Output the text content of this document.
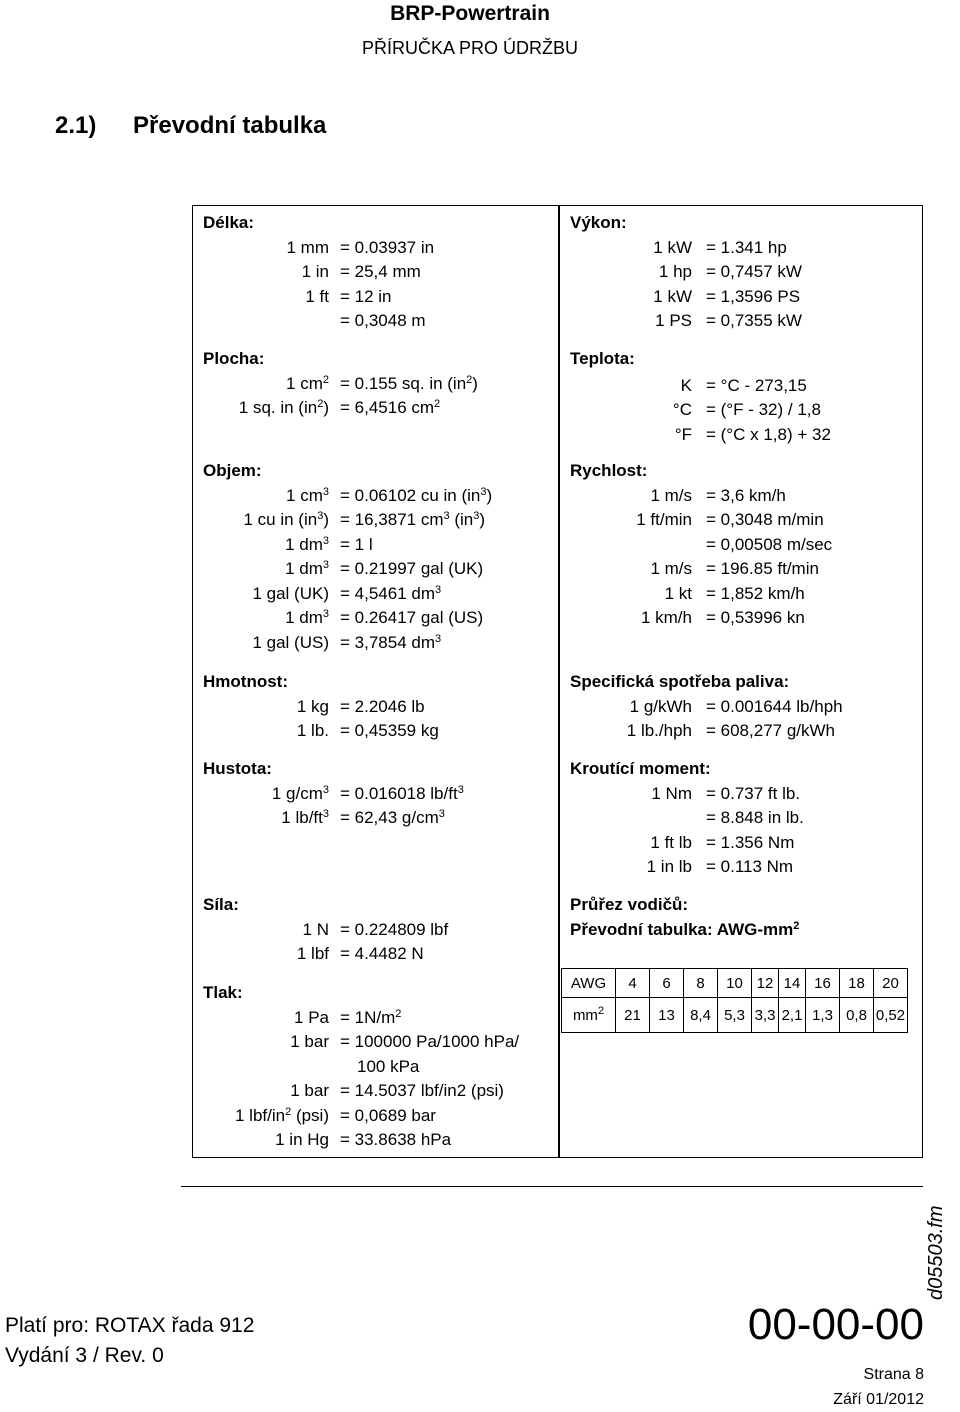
BRP-Powertrain
PŘÍRUČKA PRO ÚDRŽBU
2.1) Převodní tabulka
Délka:
1 mm = 0.03937 in
1 in = 25,4 mm
1 ft = 12 in
= 0,3048 m
Plocha:
1 $cm^2 = 0.155$ sq. in $(in^2)$
1 sq. in $(in^2) = 6,4516$ $cm^2$
Objem:
1 $cm^3 = 0.06102$ cu in $(in^3)$
1 cu in $(in^3) = 16,3871$ $cm^3$ $(in^3)$
1 $dm^3 = 1$ l
1 $dm^3 = 0.21997$ gal (UK)
1 gal (UK) = 4,5461 $dm^3$
1 $dm^3 = 0.26417$ gal (US)
1 gal (US) = 3,7854 $dm^3$
Hmotnost:
1 kg = 2.2046 lb
1 lb. = 0,45359 kg
Hustota:
1 $g/cm^3 = 0.016018$ $lb/ft^3$
1 $lb/ft^3 = 62,43$ $g/cm^3$
Síla:
1 N = 0.224809 lbf
1 lbf = 4.4482 N
Tlak:
1 $Pa = 1N/m^2$
1 bar = 100000 Pa/1000 hPa/
100 kPa
1 bar = 14.5037 lbf/in2 (psi)
1 lbf/$in^2$ (psi) = 0,0689 bar
1 in Hg = 33.8638 hPa
Výkon:
1 kW = 1.341 hp
1 hp = 0,7457 kW
1 kW = 1,3596 PS
1 PS = 0,7355 kW
Teplota:
K = °C - 273,15
°C = (°F - 32) / 1,8
°F = (°C x 1,8) + 32
Rychlost:
1 m/s = 3,6 km/h
1 ft/min = 0,3048 m/min
= 0,00508 m/sec
1 m/s = 196.85 ft/min
1 kt = 1,852 km/h
1 km/h = 0,53996 kn
Specifická spotřeba paliva:
1 g/kWh = 0.001644 lb/hph
1 lb./hph = 608,277 g/kWh
Kroutící moment:
1 Nm = 0.737 ft lb.
= 8.848 in lb.
1 ft lb = 1.356 Nm
1 in lb = 0.113 Nm
Průřez vodičů:
Převodní tabulka: AWG-$mm^2$
AWG	4	6	8	10	12	14	16	18	20
$mm^2$	21	13	8,4	5,3	3,3	2,1	1,3	0,8	0,52
Platí pro: ROTAX řada 912
Vydání 3 / Rev. 0
00-00-00
Strana 8
Září 01/2012
d05503.fm
